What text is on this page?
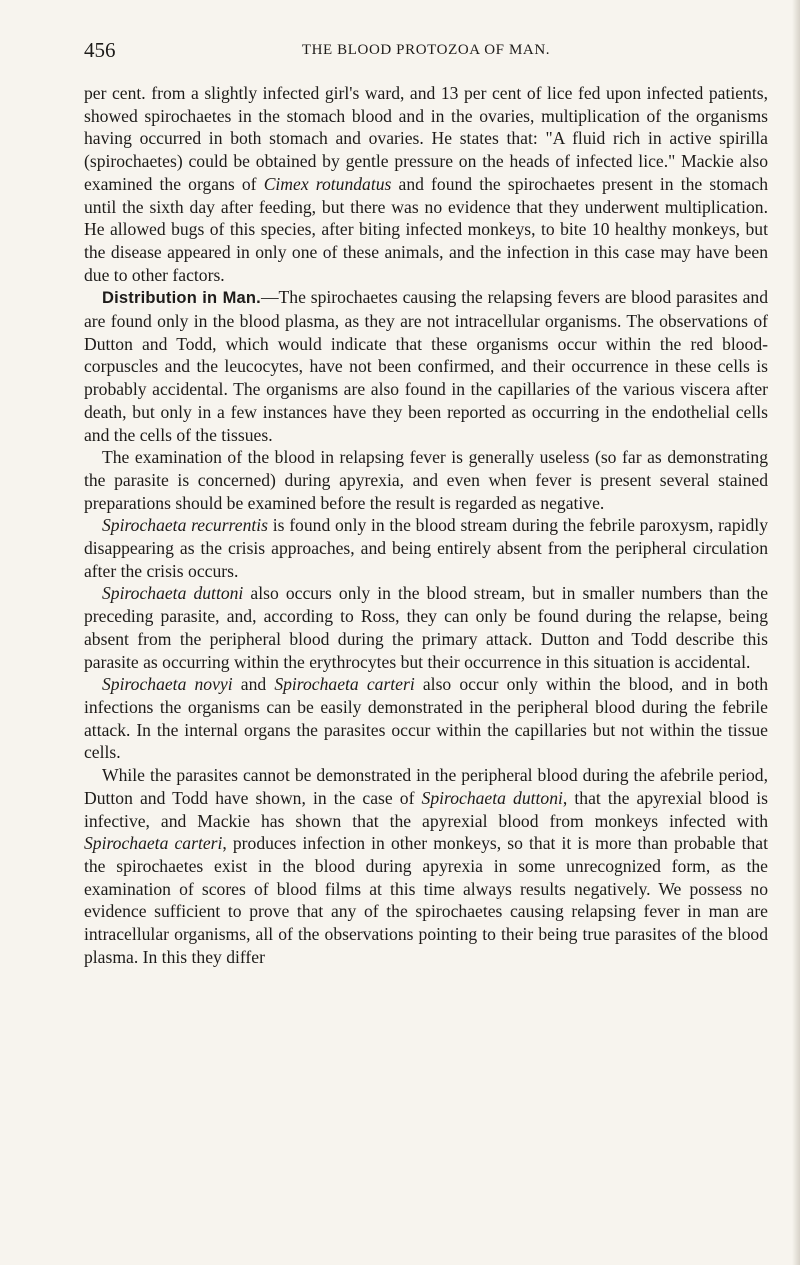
456	THE BLOOD PROTOZOA OF MAN.

per cent. from a slightly infected girl's ward, and 13 per cent of lice fed upon infected patients, showed spirochaetes in the stomach blood and in the ovaries, multiplication of the organisms having occurred in both stomach and ovaries. He states that: "A fluid rich in active spirilla (spirochaetes) could be obtained by gentle pressure on the heads of infected lice." Mackie also examined the organs of Cimex rotundatus and found the spirochaetes present in the stomach until the sixth day after feeding, but there was no evidence that they underwent multiplication. He allowed bugs of this species, after biting infected monkeys, to bite 10 healthy monkeys, but the disease appeared in only one of these animals, and the infection in this case may have been due to other factors.

Distribution in Man.—The spirochaetes causing the relapsing fevers are blood parasites and are found only in the blood plasma, as they are not intracellular organisms. The observations of Dutton and Todd, which would indicate that these organisms occur within the red blood-corpuscles and the leucocytes, have not been confirmed, and their occurrence in these cells is probably accidental. The organisms are also found in the capillaries of the various viscera after death, but only in a few instances have they been reported as occurring in the endothelial cells and the cells of the tissues.

The examination of the blood in relapsing fever is generally useless (so far as demonstrating the parasite is concerned) during apyrexia, and even when fever is present several stained preparations should be examined before the result is regarded as negative.

Spirochaeta recurrentis is found only in the blood stream during the febrile paroxysm, rapidly disappearing as the crisis approaches, and being entirely absent from the peripheral circulation after the crisis occurs.

Spirochaeta duttoni also occurs only in the blood stream, but in smaller numbers than the preceding parasite, and, according to Ross, they can only be found during the relapse, being absent from the peripheral blood during the primary attack. Dutton and Todd describe this parasite as occurring within the erythrocytes but their occurrence in this situation is accidental.

Spirochaeta novyi and Spirochaeta carteri also occur only within the blood, and in both infections the organisms can be easily demonstrated in the peripheral blood during the febrile attack. In the internal organs the parasites occur within the capillaries but not within the tissue cells.

While the parasites cannot be demonstrated in the peripheral blood during the afebrile period, Dutton and Todd have shown, in the case of Spirochaeta duttoni, that the apyrexial blood is infective, and Mackie has shown that the apyrexial blood from monkeys infected with Spirochaeta carteri, produces infection in other monkeys, so that it is more than probable that the spirochaetes exist in the blood during apyrexia in some unrecognized form, as the examination of scores of blood films at this time always results negatively. We possess no evidence sufficient to prove that any of the spirochaetes causing relapsing fever in man are intracellular organisms, all of the observations pointing to their being true parasites of the blood plasma. In this they differ
